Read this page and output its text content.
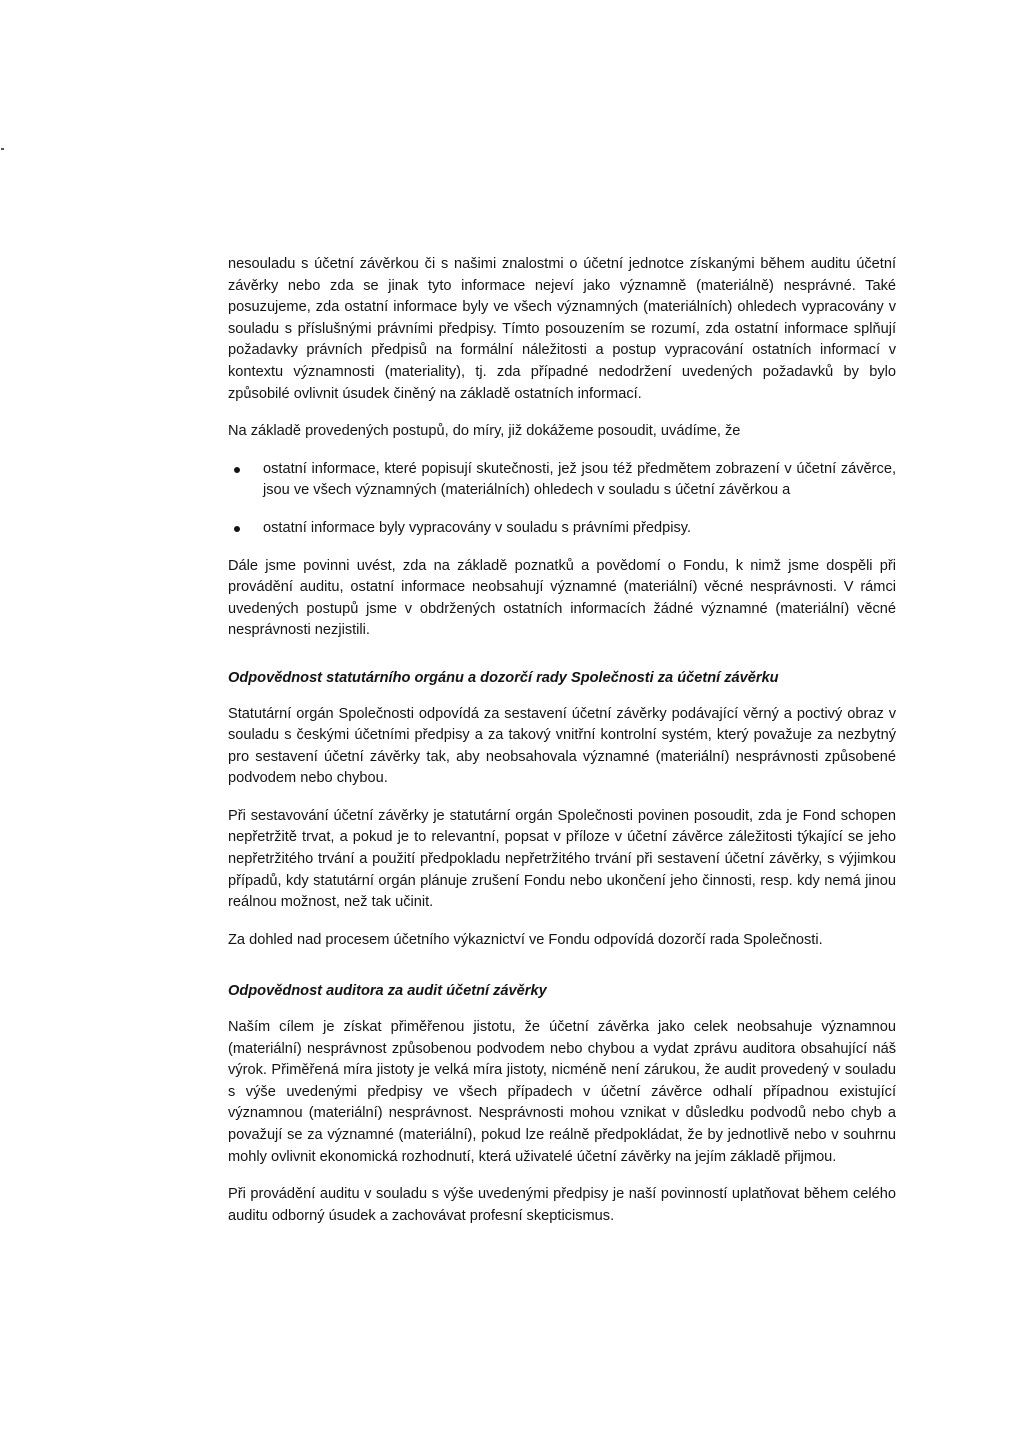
nesouladu s účetní závěrkou či s našimi znalostmi o účetní jednotce získanými během auditu účetní závěrky nebo zda se jinak tyto informace nejeví jako významně (materiálně) nesprávné. Také posuzujeme, zda ostatní informace byly ve všech významných (materiálních) ohledech vypracovány v souladu s příslušnými právními předpisy. Tímto posouzením se rozumí, zda ostatní informace splňují požadavky právních předpisů na formální náležitosti a postup vypracování ostatních informací v kontextu významnosti (materiality), tj. zda případné nedodržení uvedených požadavků by bylo způsobilé ovlivnit úsudek činěný na základě ostatních informací.

Na základě provedených postupů, do míry, již dokážeme posoudit, uvádíme, že

ostatní informace, které popisují skutečnosti, jež jsou též předmětem zobrazení v účetní závěrce, jsou ve všech významných (materiálních) ohledech v souladu s účetní závěrkou a
ostatní informace byly vypracovány v souladu s právními předpisy.

Dále jsme povinni uvést, zda na základě poznatků a povědomí o Fondu, k nimž jsme dospěli při provádění auditu, ostatní informace neobsahují významné (materiální) věcné nesprávnosti. V rámci uvedených postupů jsme v obdržených ostatních informacích žádné významné (materiální) věcné nesprávnosti nezjistili.

Odpovědnost statutárního orgánu a dozorčí rady Společnosti za účetní závěrku

Statutární orgán Společnosti odpovídá za sestavení účetní závěrky podávající věrný a poctivý obraz v souladu s českými účetními předpisy a za takový vnitřní kontrolní systém, který považuje za nezbytný pro sestavení účetní závěrky tak, aby neobsahovala významné (materiální) nesprávnosti způsobené podvodem nebo chybou.

Při sestavování účetní závěrky je statutární orgán Společnosti povinen posoudit, zda je Fond schopen nepřetržitě trvat, a pokud je to relevantní, popsat v příloze v účetní závěrce záležitosti týkající se jeho nepřetržitého trvání a použití předpokladu nepřetržitého trvání při sestavení účetní závěrky, s výjimkou případů, kdy statutární orgán plánuje zrušení Fondu nebo ukončení jeho činnosti, resp. kdy nemá jinou reálnou možnost, než tak učinit.

Za dohled nad procesem účetního výkaznictví ve Fondu odpovídá dozorčí rada Společnosti.

Odpovědnost auditora za audit účetní závěrky

Naším cílem je získat přiměřenou jistotu, že účetní závěrka jako celek neobsahuje významnou (materiální) nesprávnost způsobenou podvodem nebo chybou a vydat zprávu auditora obsahující náš výrok. Přiměřená míra jistoty je velká míra jistoty, nicméně není zárukou, že audit provedený v souladu s výše uvedenými předpisy ve všech případech v účetní závěrce odhalí případnou existující významnou (materiální) nesprávnost. Nesprávnosti mohou vznikat v důsledku podvodů nebo chyb a považují se za významné (materiální), pokud lze reálně předpokládat, že by jednotlivě nebo v souhrnu mohly ovlivnit ekonomická rozhodnutí, která uživatelé účetní závěrky na jejím základě přijmou.

Při provádění auditu v souladu s výše uvedenými předpisy je naší povinností uplatňovat během celého auditu odborný úsudek a zachovávat profesní skepticismus.
